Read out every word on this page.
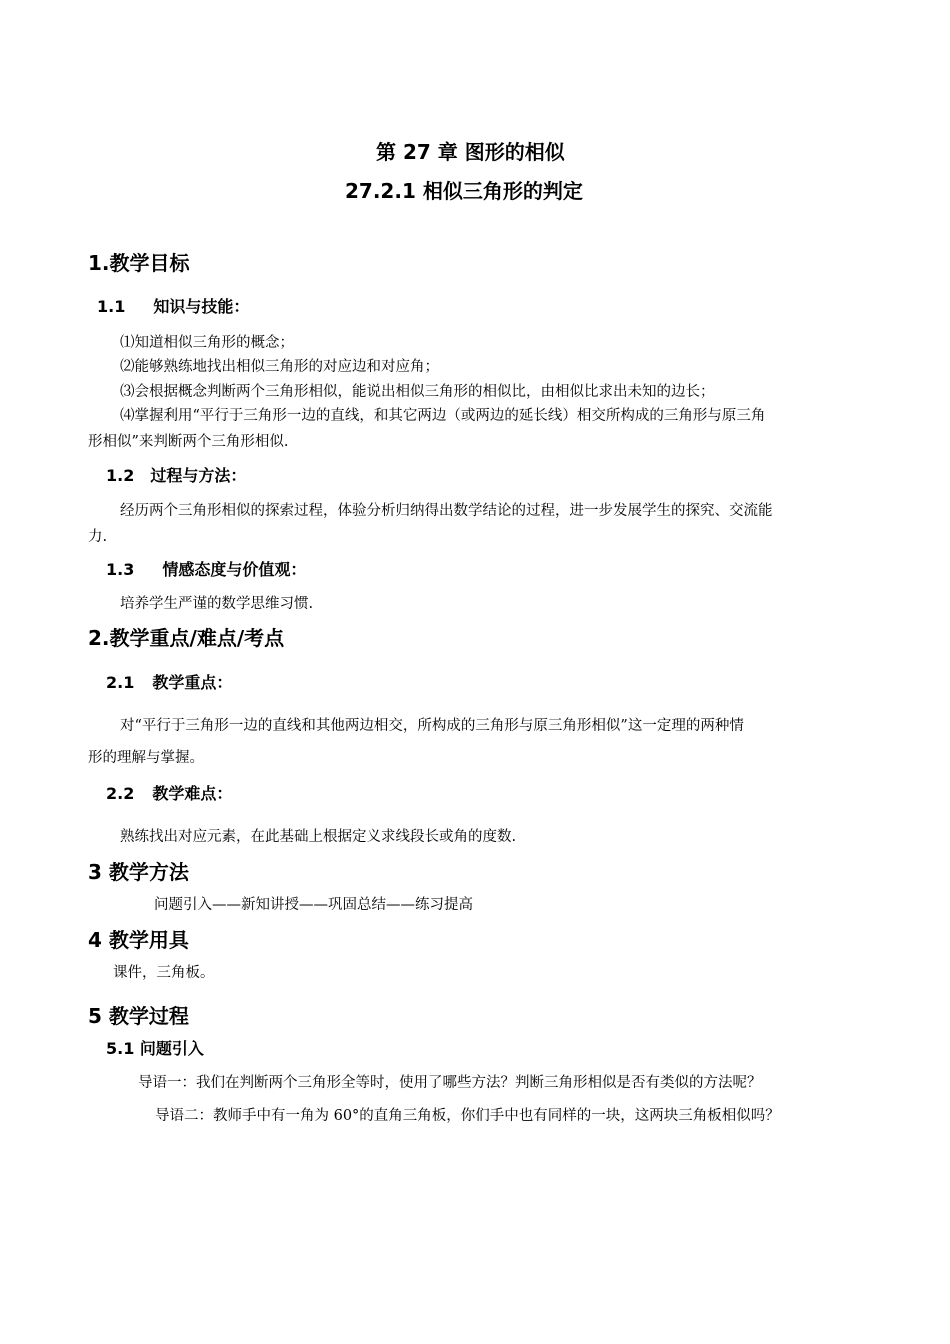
第 27 章 图形的相似
27.2.1 相似三角形的判定
1.教学目标
1.1 知识与技能：
⑴知道相似三角形的概念；
⑵能够熟练地找出相似三角形的对应边和对应角；
⑶会根据概念判断两个三角形相似，能说出相似三角形的相似比，由相似比求出未知的边长；
⑷掌握利用“平行于三角形一边的直线，和其它两边（或两边的延长线）相交所构成的三角形与原三角
形相似”来判断两个三角形相似.
1.2 过程与方法：
经历两个三角形相似的探索过程，体验分析归纳得出数学结论的过程，进一步发展学生的探究、交流能
力.
1.3 情感态度与价值观：
培养学生严谨的数学思维习惯.
2.教学重点/难点/考点
2.1 教学重点：
对“平行于三角形一边的直线和其他两边相交，所构成的三角形与原三角形相似”这一定理的两种情
形的理解与掌握。
2.2 教学难点：
熟练找出对应元素，在此基础上根据定义求线段长或角的度数.
3 教学方法
问题引入——新知讲授——巩固总结——练习提高
4 教学用具
课件，三角板。
5 教学过程
5.1 问题引入
导语一：我们在判断两个三角形全等时，使用了哪些方法？判断三角形相似是否有类似的方法呢？
导语二：教师手中有一角为 60°的直角三角板，你们手中也有同样的一块，这两块三角板相似吗？
